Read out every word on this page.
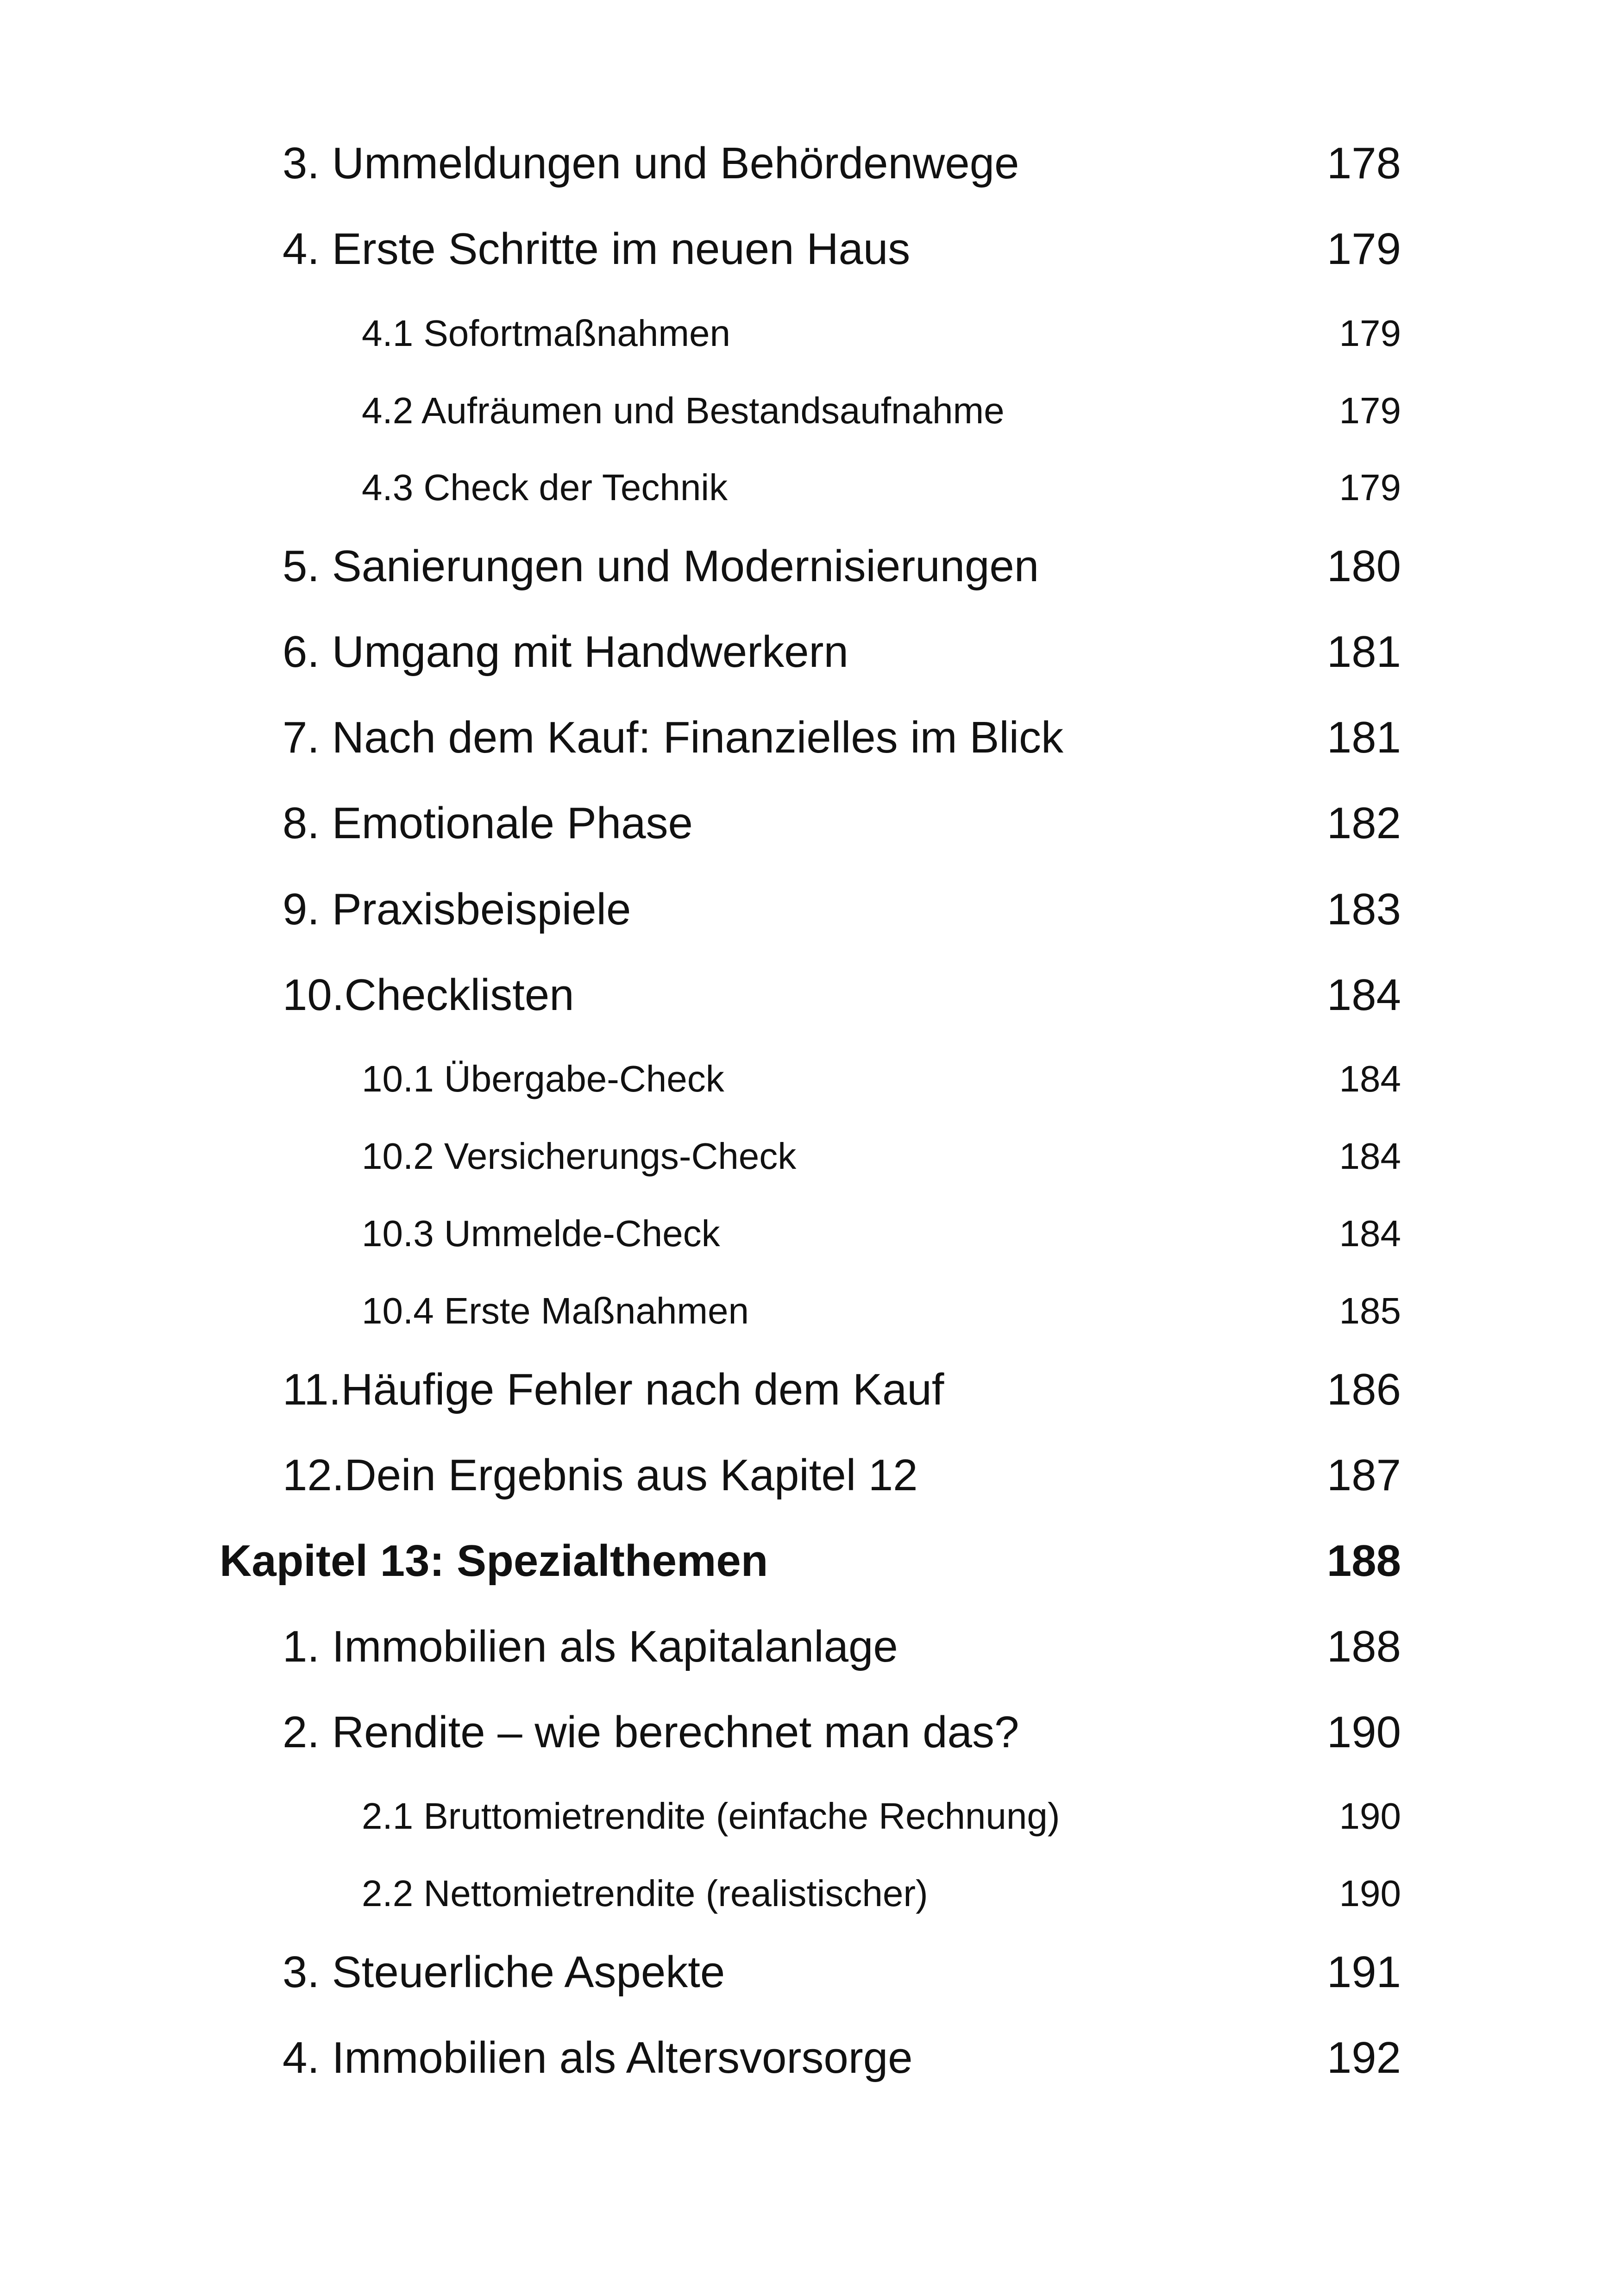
3. Ummeldungen und Behördenwege	178
4. Erste Schritte im neuen Haus	179
4.1 Sofortmaßnahmen	179
4.2 Aufräumen und Bestandsaufnahme	179
4.3 Check der Technik	179
5. Sanierungen und Modernisierungen	180
6. Umgang mit Handwerkern	181
7. Nach dem Kauf: Finanzielles im Blick	181
8. Emotionale Phase	182
9. Praxisbeispiele	183
10.Checklisten	184
10.1 Übergabe-Check	184
10.2 Versicherungs-Check	184
10.3 Ummelde-Check	184
10.4 Erste Maßnahmen	185
11.Häufige Fehler nach dem Kauf	186
12.Dein Ergebnis aus Kapitel 12	187
Kapitel 13: Spezialthemen	188
1. Immobilien als Kapitalanlage	188
2. Rendite – wie berechnet man das?	190
2.1 Bruttomietrendite (einfache Rechnung)	190
2.2 Nettomietrendite (realistischer)	190
3. Steuerliche Aspekte	191
4. Immobilien als Altersvorsorge	192
